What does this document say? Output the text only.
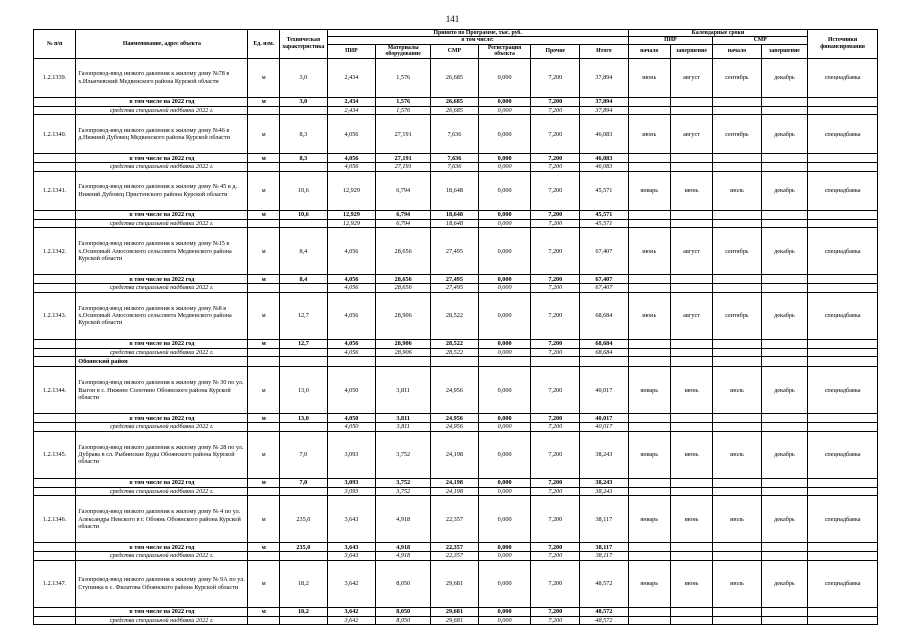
141
№ п/п	Наименование, адрес объекта	Ед. изм.	Техническая характеристика	Принято по Программе, тыс. руб.						Календарные сроки				Источники финансирования
				в том числе:						ПИР		СМР		
				ПИР	Материалы оборудование	СМР	Регистрация объекта	Прочие	Итого	начало	завершение	начало	завершение	
1.2.1339.	Газопровод-ввод низкого давления к жилому дому №78 в х.Ильичевский Медвенского района Курской области	м	3,0	2,434	1,576	26,685	0,000	7,200	37,894	июнь	август	сентябрь	декабрь	спецнадбавка
	в том числе на 2022 год	м	3,0	2,434	1,576	26,685	0,000	7,200	37,894					
	средства специальной надбавки 2022 г.			2,434	1,576	26,685	0,000	7,200	37,894					
1.2.1340.	Газопровод-ввод низкого давления к жилому дому №46 в д.Нижний Дубовец Медвенского района Курской области	м	8,3	4,056	27,191	7,636	0,000	7,200	46,083	июнь	август	сентябрь	декабрь	спецнадбавка
	в том числе на 2022 год	м	8,3	4,056	27,191	7,636	0,000	7,200	46,083					
	средства специальной надбавки 2022 г.			4,056	27,191	7,636	0,000	7,200	46,083					
1.2.1341.	Газопровод-ввод низкого давления к жилому дому № 45 в д. Нижний Дубовец Пристенского района Курской области	м	10,6	12,929	6,794	18,648	0,000	7,200	45,571	январь	июнь	июль	декабрь	спецнадбавка
	в том числе на 2022 год	м	10,6	12,929	6,794	18,648	0,000	7,200	45,571					
	средства специальной надбавки 2022 г.			12,929	6,794	18,648	0,000	7,200	45,571					
1.2.1342.	Газопровод-ввод низкого давления к жилому дому №15 в х.Осиновый Амосовского сельсовета Медвенского района Курской области	м	8,4	4,056	28,656	27,495	0,000	7,200	67,407	июнь	август	сентябрь	декабрь	спецнадбавка
	в том числе на 2022 год	м	8,4	4,056	28,656	27,495	0,000	7,200	67,407					
	средства специальной надбавки 2022 г.			4,056	28,656	27,495	0,000	7,200	67,407					
1.2.1343.	Газопровод-ввод низкого давления к жилому дому №8 в х.Осиновый Амосовского сельсовета Медвенского района Курской области	м	12,7	4,056	28,906	28,522	0,000	7,200	68,684	июнь	август	сентябрь	декабрь	спецнадбавка
	в том числе на 2022 год	м	12,7	4,056	28,906	28,522	0,000	7,200	68,684					
	средства специальной надбавки 2022 г.			4,056	28,906	28,522	0,000	7,200	68,684					
	Обоянский район													
1.2.1344.	Газопровод-ввод низкого давления к жилому дому № 30 по ул. Выгон в с. Нижнее Солотино Обоянского района Курской области	м	13,0	4,050	3,811	24,956	0,000	7,200	40,017	январь	июнь	июль	декабрь	спецнадбавка
	в том числе на 2022 год	м	13,0	4,050	3,811	24,956	0,000	7,200	40,017					
	средства специальной надбавки 2022 г.			4,050	3,811	24,956	0,000	7,200	40,017					
1.2.1345.	Газопровод-ввод низкого давления к жилому дому № 28 по ул. Дубрава в сл. Рыбинские Буды Обоянского района Курской области	м	7,0	3,093	3,752	24,198	0,000	7,200	38,243	январь	июнь	июль	декабрь	спецнадбавка
	в том числе на 2022 год	м	7,0	3,093	3,752	24,198	0,000	7,200	38,243					
	средства специальной надбавки 2022 г.			3,093	3,752	24,198	0,000	7,200	38,243					
1.2.1346.	Газопровод-ввод низкого давления к жилому дому № 4 по ул. Александра Невского в г. Обоянь Обоянского района Курской области	м	235,0	3,643	4,918	22,357	0,000	7,200	38,117	январь	июнь	июль	декабрь	спецнадбавка
	в том числе на 2022 год	м	235,0	3,643	4,918	22,357	0,000	7,200	38,117					
	средства специальной надбавки 2022 г.			3,643	4,918	22,357	0,000	7,200	38,117					
1.2.1347.	Газопровод-ввод низкого давления к жилому дому № 9А по ул. Ступинка в с. Филатова Обоянского района Курской области	м	18,2	3,642	8,050	29,681	0,000	7,200	48,572	январь	июнь	июль	декабрь	спецнадбавка
	в том числе на 2022 год	м	18,2	3,642	8,050	29,681	0,000	7,200	48,572					
	средства специальной надбавки 2022 г.			3,642	8,050	29,681	0,000	7,200	48,572					
